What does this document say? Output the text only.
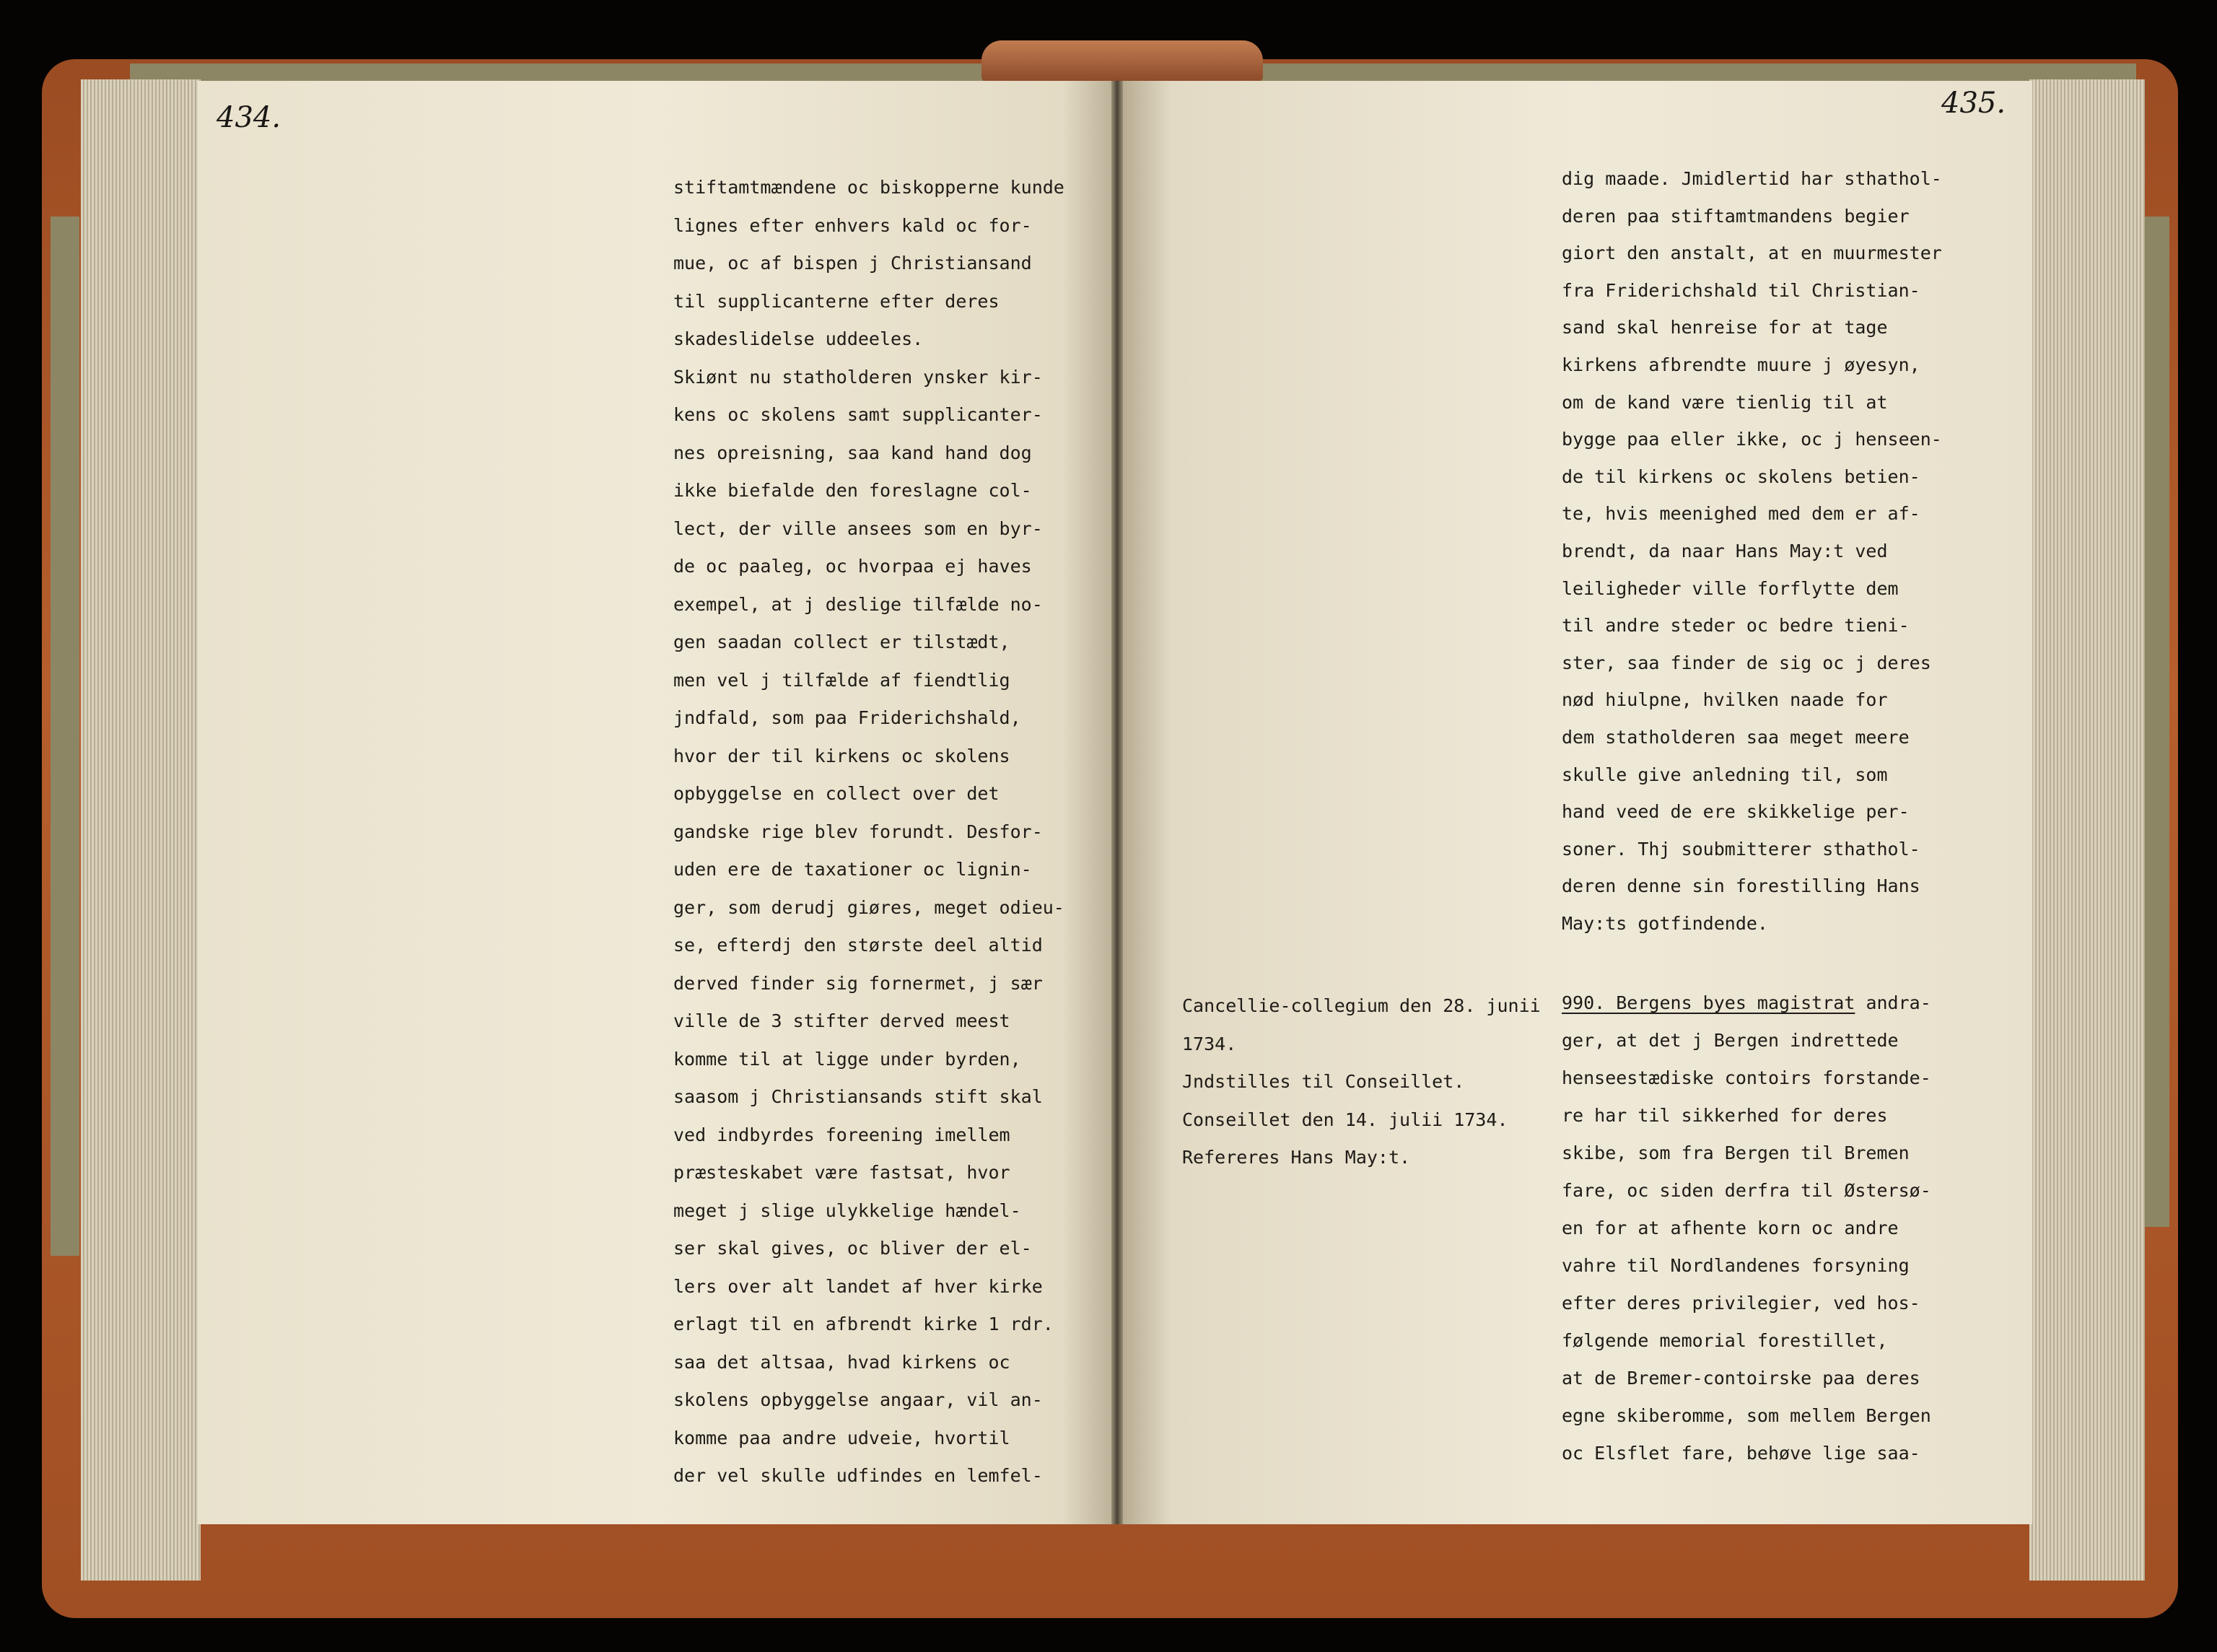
434.	435.
stiftamtmændene oc biskopperne kunde
lignes efter enhvers kald oc for-
mue, oc af bispen j Christiansand
til supplicanterne efter deres
skadeslidelse uddeeles.
Skiønt nu statholderen ynsker kir-
kens oc skolens samt supplicanter-
nes opreisning, saa kand hand dog
ikke biefalde den foreslagne col-
lect, der ville ansees som en byr-
de oc paaleg, oc hvorpaa ej haves
exempel, at j deslige tilfælde no-
gen saadan collect er tilstædt,
men vel j tilfælde af fiendtlig
jndfald, som paa Friderichshald,
hvor der til kirkens oc skolens
opbyggelse en collect over det
gandske rige blev forundt. Desfor-
uden ere de taxationer oc lignin-
ger, som derudj giøres, meget odieu-
se, efterdj den største deel altid
derved finder sig fornermet, j sær
ville de 3 stifter derved meest
komme til at ligge under byrden,
saasom j Christiansands stift skal
ved indbyrdes foreening imellem
præsteskabet være fastsat, hvor
meget j slige ulykkelige hændel-
ser skal gives, oc bliver der el-
lers over alt landet af hver kirke
erlagt til en afbrendt kirke 1 rdr.
saa det altsaa, hvad kirkens oc
skolens opbyggelse angaar, vil an-
komme paa andre udveie, hvortil
der vel skulle udfindes en lemfel-
Cancellie-collegium den 28. junii
1734.
Jndstilles til Conseillet.
Conseillet den 14. julii 1734.
Refereres Hans May:t.
dig maade. Jmidlertid har sthathol-
deren paa stiftamtmandens begier
giort den anstalt, at en muurmester
fra Friderichshald til Christian-
sand skal henreise for at tage
kirkens afbrendte muure j øyesyn,
om de kand være tienlig til at
bygge paa eller ikke, oc j henseen-
de til kirkens oc skolens betien-
te, hvis meenighed med dem er af-
brendt, da naar Hans May:t ved
leiligheder ville forflytte dem
til andre steder oc bedre tieni-
ster, saa finder de sig oc j deres
nød hiulpne, hvilken naade for
dem statholderen saa meget meere
skulle give anledning til, som
hand veed de ere skikkelige per-
soner. Thj soubmitterer sthathol-
deren denne sin forestilling Hans
May:ts gotfindende.
990. Bergens byes magistrat andra-
ger, at det j Bergen indrettede
henseestædiske contoirs forstande-
re har til sikkerhed for deres
skibe, som fra Bergen til Bremen
fare, oc siden derfra til Østersø-
en for at afhente korn oc andre
vahre til Nordlandenes forsyning
efter deres privilegier, ved hos-
følgende memorial forestillet,
at de Bremer-contoirske paa deres
egne skiberomme, som mellem Bergen
oc Elsflet fare, behøve lige saa-
